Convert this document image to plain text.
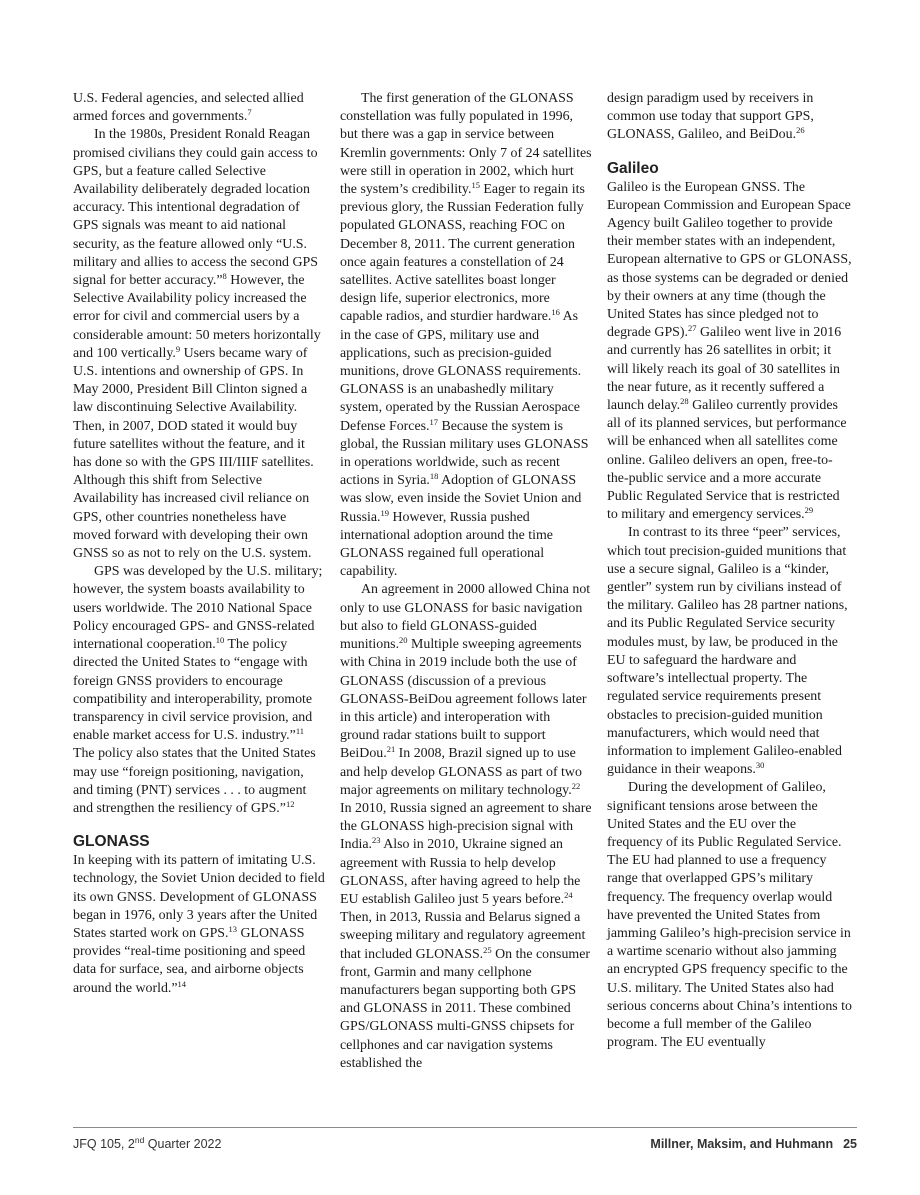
U.S. Federal agencies, and selected allied armed forces and governments.$^7$

In the 1980s, President Ronald Reagan promised civilians they could gain access to GPS, but a feature called Selective Availability deliberately degraded location accuracy. This intentional degradation of GPS signals was meant to aid national security, as the feature allowed only “U.S. military and allies to access the second GPS signal for better accuracy.”$^8$ However, the Selective Availability policy increased the error for civil and commercial users by a considerable amount: 50 meters horizontally and 100 vertically.$^9$ Users became wary of U.S. intentions and ownership of GPS. In May 2000, President Bill Clinton signed a law discontinuing Selective Availability. Then, in 2007, DOD stated it would buy future satellites without the feature, and it has done so with the GPS III/IIIF satellites. Although this shift from Selective Availability has increased civil reliance on GPS, other countries nonetheless have moved forward with developing their own GNSS so as not to rely on the U.S. system.

GPS was developed by the U.S. military; however, the system boasts availability to users worldwide. The 2010 National Space Policy encouraged GPS- and GNSS-related international cooperation.$^{10}$ The policy directed the United States to “engage with foreign GNSS providers to encourage compatibility and interoperability, promote transparency in civil service provision, and enable market access for U.S. industry.”$^{11}$ The policy also states that the United States may use “foreign positioning, navigation, and timing (PNT) services . . . to augment and strengthen the resiliency of GPS.”$^{12}$

GLONASS

In keeping with its pattern of imitating U.S. technology, the Soviet Union decided to field its own GNSS. Development of GLONASS began in 1976, only 3 years after the United States started work on GPS.$^{13}$ GLONASS provides “real-time positioning and speed data for surface, sea, and airborne objects around the world.”$^{14}$

The first generation of the GLONASS constellation was fully populated in 1996, but there was a gap in service between Kremlin governments: Only 7 of 24 satellites were still in operation in 2002, which hurt the system’s credibility.$^{15}$ Eager to regain its previous glory, the Russian Federation fully populated GLONASS, reaching FOC on December 8, 2011. The current generation once again features a constellation of 24 satellites. Active satellites boast longer design life, superior electronics, more capable radios, and sturdier hardware.$^{16}$ As in the case of GPS, military use and applications, such as precision-guided munitions, drove GLONASS requirements. GLONASS is an unabashedly military system, operated by the Russian Aerospace Defense Forces.$^{17}$ Because the system is global, the Russian military uses GLONASS in operations worldwide, such as recent actions in Syria.$^{18}$ Adoption of GLONASS was slow, even inside the Soviet Union and Russia.$^{19}$ However, Russia pushed international adoption around the time GLONASS regained full operational capability.

An agreement in 2000 allowed China not only to use GLONASS for basic navigation but also to field GLONASS-guided munitions.$^{20}$ Multiple sweeping agreements with China in 2019 include both the use of GLONASS (discussion of a previous GLONASS-BeiDou agreement follows later in this article) and interoperation with ground radar stations built to support BeiDou.$^{21}$ In 2008, Brazil signed up to use and help develop GLONASS as part of two major agreements on military technology.$^{22}$ In 2010, Russia signed an agreement to share the GLONASS high-precision signal with India.$^{23}$ Also in 2010, Ukraine signed an agreement with Russia to help develop GLONASS, after having agreed to help the EU establish Galileo just 5 years before.$^{24}$ Then, in 2013, Russia and Belarus signed a sweeping military and regulatory agreement that included GLONASS.$^{25}$ On the consumer front, Garmin and many cellphone manufacturers began supporting both GPS and GLONASS in 2011. These combined GPS/GLONASS multi-GNSS chipsets for cellphones and car navigation systems established the

design paradigm used by receivers in common use today that support GPS, GLONASS, Galileo, and BeiDou.$^{26}$

Galileo

Galileo is the European GNSS. The European Commission and European Space Agency built Galileo together to provide their member states with an independent, European alternative to GPS or GLONASS, as those systems can be degraded or denied by their owners at any time (though the United States has since pledged not to degrade GPS).$^{27}$ Galileo went live in 2016 and currently has 26 satellites in orbit; it will likely reach its goal of 30 satellites in the near future, as it recently suffered a launch delay.$^{28}$ Galileo currently provides all of its planned services, but performance will be enhanced when all satellites come online. Galileo delivers an open, free-to-the-public service and a more accurate Public Regulated Service that is restricted to military and emergency services.$^{29}$

In contrast to its three “peer” services, which tout precision-guided munitions that use a secure signal, Galileo is a “kinder, gentler” system run by civilians instead of the military. Galileo has 28 partner nations, and its Public Regulated Service security modules must, by law, be produced in the EU to safeguard the hardware and software’s intellectual property. The regulated service requirements present obstacles to precision-guided munition manufacturers, which would need that information to implement Galileo-enabled guidance in their weapons.$^{30}$

During the development of Galileo, significant tensions arose between the United States and the EU over the frequency of its Public Regulated Service. The EU had planned to use a frequency range that overlapped GPS’s military frequency. The frequency overlap would have prevented the United States from jamming Galileo’s high-precision service in a wartime scenario without also jamming an encrypted GPS frequency specific to the U.S. military. The United States also had serious concerns about China’s intentions to become a full member of the Galileo program. The EU eventually

JFQ 105, 2nd Quarter 2022	Millner, Maksim, and Huhmann 25
